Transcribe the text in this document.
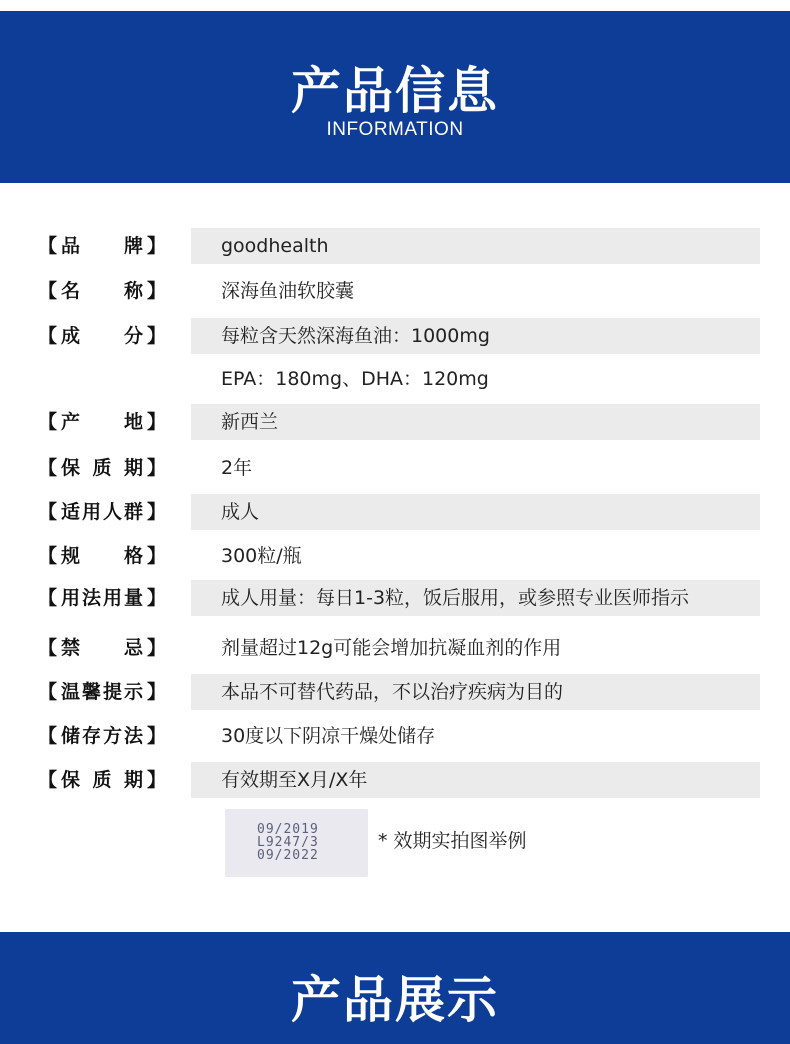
产品信息
INFORMATION
【 品 牌 】	goodhealth
【 名 称 】	深海鱼油软胶囊
【 成 分 】	每粒含天然深海鱼油：1000mg
EPA：180mg、DHA：120mg
【 产 地 】	新西兰
【 保 质 期 】	2年
【 适 用 人 群 】	成人
【 规 格 】	300粒/瓶
【 用 法 用 量 】	成人用量：每日1-3粒，饭后服用，或参照专业医师指示
【 禁 忌 】	剂量超过12g可能会增加抗凝血剂的作用
【 温 馨 提 示 】	本品不可替代药品，不以治疗疾病为目的
【 储 存 方 法 】	30度以下阴凉干燥处储存
【 保 质 期 】	有效期至X月/X年
09/2019
L9247/3
09/2022
* 效期实拍图举例
产品展示
